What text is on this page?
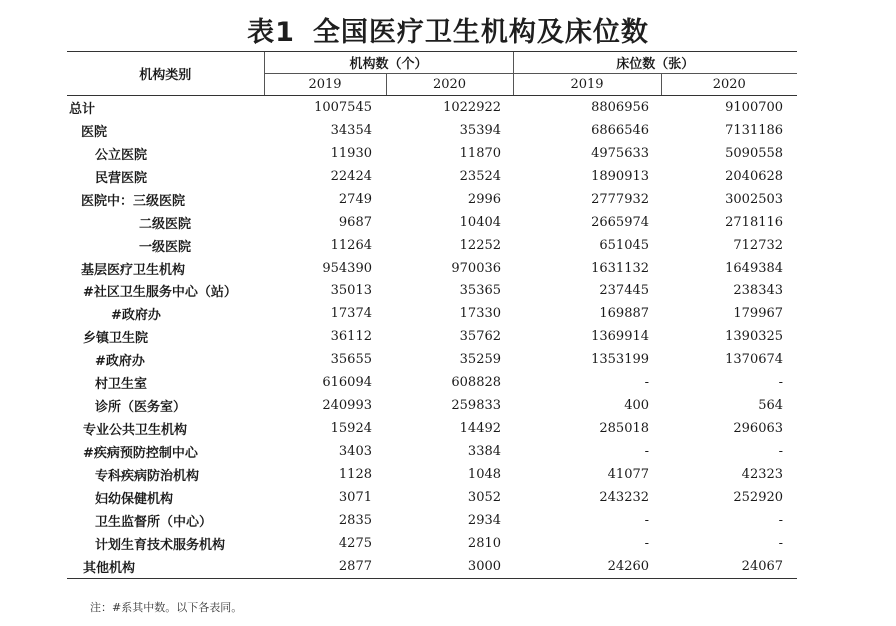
表1 全国医疗卫生机构及床位数
机构类别	机构数（个）		床位数（张）	
	2019	2020	2019	2020
总计	1007545	1022922	8806956	9100700
医院	34354	35394	6866546	7131186
公立医院	11930	11870	4975633	5090558
民营医院	22424	23524	1890913	2040628
医院中：三级医院	2749	2996	2777932	3002503
二级医院	9687	10404	2665974	2718116
一级医院	11264	12252	651045	712732
基层医疗卫生机构	954390	970036	1631132	1649384
#社区卫生服务中心（站）	35013	35365	237445	238343
#政府办	17374	17330	169887	179967
乡镇卫生院	36112	35762	1369914	1390325
#政府办	35655	35259	1353199	1370674
村卫生室	616094	608828	-	-
诊所（医务室）	240993	259833	400	564
专业公共卫生机构	15924	14492	285018	296063
#疾病预防控制中心	3403	3384	-	-
专科疾病防治机构	1128	1048	41077	42323
妇幼保健机构	3071	3052	243232	252920
卫生监督所（中心）	2835	2934	-	-
计划生育技术服务机构	4275	2810	-	-
其他机构	2877	3000	24260	24067
注：#系其中数。以下各表同。
